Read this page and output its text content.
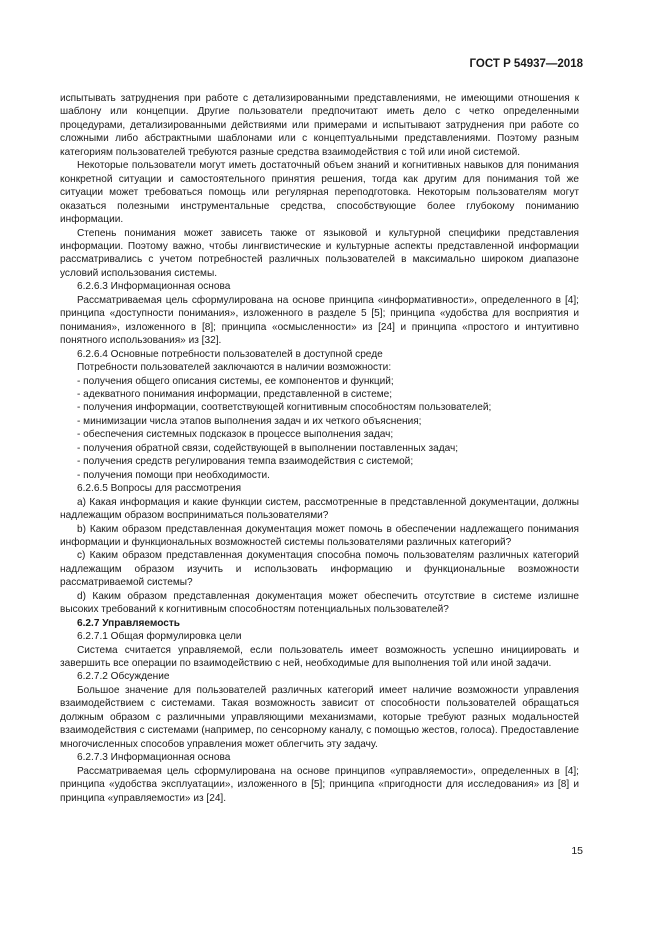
ГОСТ Р 54937—2018

испытывать затруднения при работе с детализированными представлениями, не имеющими отношения к шаблону или концепции. Другие пользователи предпочитают иметь дело с четко определенными процедурами, детализированными действиями или примерами и испытывают затруднения при работе со сложными либо абстрактными шаблонами или с концептуальными представлениями. Поэтому разным категориям пользователей требуются разные средства взаимодействия с той или иной системой.

Некоторые пользователи могут иметь достаточный объем знаний и когнитивных навыков для понимания конкретной ситуации и самостоятельного принятия решения, тогда как другим для понимания той же ситуации может требоваться помощь или регулярная переподготовка. Некоторым пользователям могут оказаться полезными инструментальные средства, способствующие более глубокому пониманию информации.

Степень понимания может зависеть также от языковой и культурной специфики представления информации. Поэтому важно, чтобы лингвистические и культурные аспекты представленной информации рассматривались с учетом потребностей различных пользователей в максимально широком диапазоне условий использования системы.

6.2.6.3 Информационная основа

Рассматриваемая цель сформулирована на основе принципа «информативности», определенного в [4]; принципа «доступности понимания», изложенного в разделе 5 [5]; принципа «удобства для восприятия и понимания», изложенного в [8]; принципа «осмысленности» из [24] и принципа «простого и интуитивно понятного использования» из [32].

6.2.6.4 Основные потребности пользователей в доступной среде

Потребности пользователей заключаются в наличии возможности:

- получения общего описания системы, ее компонентов и функций;

- адекватного понимания информации, представленной в системе;

- получения информации, соответствующей когнитивным способностям пользователей;

- минимизации числа этапов выполнения задач и их четкого объяснения;

- обеспечения системных подсказок в процессе выполнения задач;

- получения обратной связи, содействующей в выполнении поставленных задач;

- получения средств регулирования темпа взаимодействия с системой;

- получения помощи при необходимости.

6.2.6.5 Вопросы для рассмотрения

a) Какая информация и какие функции систем, рассмотренные в представленной документации, должны надлежащим образом восприниматься пользователями?

b) Каким образом представленная документация может помочь в обеспечении надлежащего понимания информации и функциональных возможностей системы пользователями различных категорий?

c) Каким образом представленная документация способна помочь пользователям различных категорий надлежащим образом изучить и использовать информацию и функциональные возможности рассматриваемой системы?

d) Каким образом представленная документация может обеспечить отсутствие в системе излишне высоких требований к когнитивным способностям потенциальных пользователей?

6.2.7 Управляемость

6.2.7.1 Общая формулировка цели

Система считается управляемой, если пользователь имеет возможность успешно инициировать и завершить все операции по взаимодействию с ней, необходимые для выполнения той или иной задачи.

6.2.7.2 Обсуждение

Большое значение для пользователей различных категорий имеет наличие возможности управления взаимодействием с системами. Такая возможность зависит от способности пользователей обращаться должным образом с различными управляющими механизмами, которые требуют разных модальностей взаимодействия с системами (например, по сенсорному каналу, с помощью жестов, голоса). Предоставление многочисленных способов управления может облегчить эту задачу.

6.2.7.3 Информационная основа

Рассматриваемая цель сформулирована на основе принципов «управляемости», определенных в [4]; принципа «удобства эксплуатации», изложенного в [5]; принципа «пригодности для исследования» из [8] и принципа «управляемости» из [24].

15
